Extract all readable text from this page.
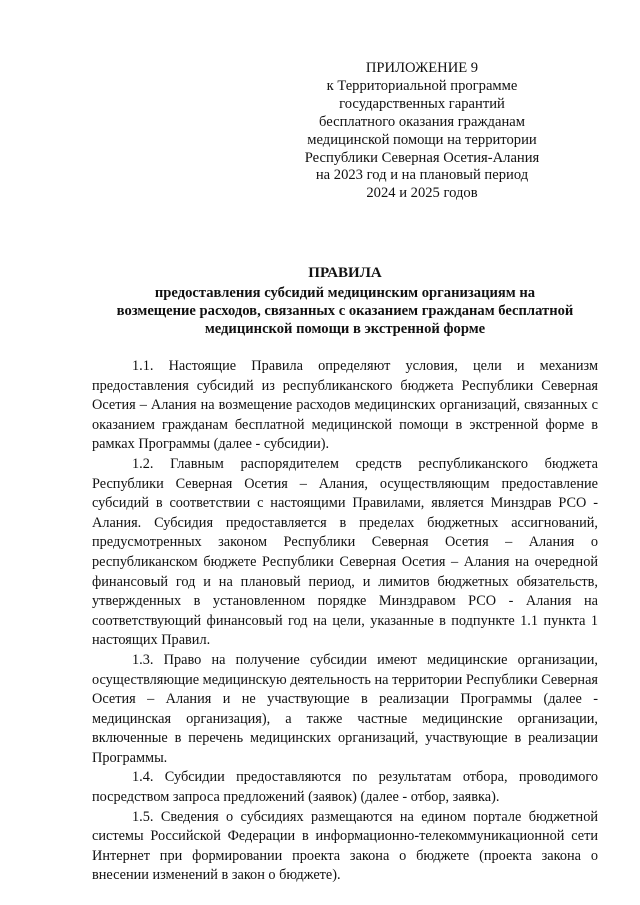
ПРИЛОЖЕНИЕ 9
к Территориальной программе
государственных гарантий
бесплатного оказания гражданам
медицинской помощи на территории
Республики Северная Осетия-Алания
на 2023 год и на плановый период
2024 и 2025 годов
ПРАВИЛА
предоставления субсидий медицинским организациям на
возмещение расходов, связанных с оказанием гражданам бесплатной
медицинской помощи в экстренной форме

1.1. Настоящие Правила определяют условия, цели и механизм предоставления субсидий из республиканского бюджета Республики Северная Осетия – Алания на возмещение расходов медицинских организаций, связанных с оказанием гражданам бесплатной медицинской помощи в экстренной форме в рамках Программы (далее - субсидии).

1.2. Главным распорядителем средств республиканского бюджета Республики Северная Осетия – Алания, осуществляющим предоставление субсидий в соответствии с настоящими Правилами, является Минздрав РСО - Алания. Субсидия предоставляется в пределах бюджетных ассигнований, предусмотренных законом Республики Северная Осетия – Алания о республиканском бюджете Республики Северная Осетия – Алания на очередной финансовый год и на плановый период, и лимитов бюджетных обязательств, утвержденных в установленном порядке Минздравом РСО - Алания на соответствующий финансовый год на цели, указанные в подпункте 1.1 пункта 1 настоящих Правил.

1.3. Право на получение субсидии имеют медицинские организации, осуществляющие медицинскую деятельность на территории Республики Северная Осетия – Алания и не участвующие в реализации Программы (далее - медицинская организация), а также частные медицинские организации, включенные в перечень медицинских организаций, участвующие в реализации Программы.

1.4. Субсидии предоставляются по результатам отбора, проводимого посредством запроса предложений (заявок) (далее - отбор, заявка).

1.5. Сведения о субсидиях размещаются на едином портале бюджетной системы Российской Федерации в информационно-телекоммуникационной сети Интернет при формировании проекта закона о бюджете (проекта закона о внесении изменений в закон о бюджете).
